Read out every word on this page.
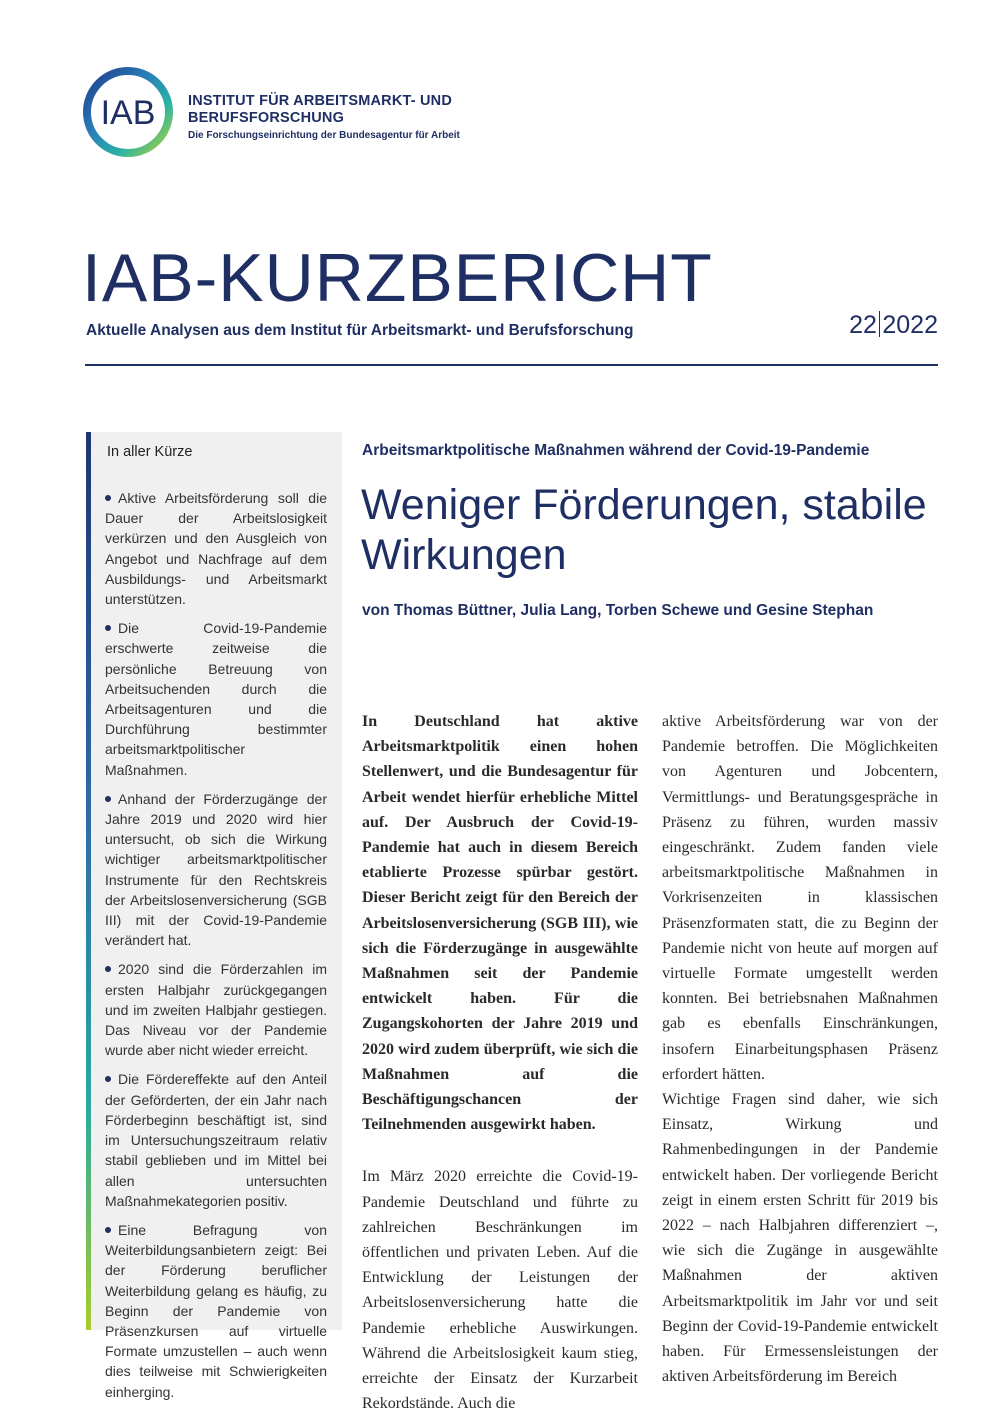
IAB INSTITUT FÜR ARBEITSMARKT- UND
BERUFSFORSCHUNG
Die Forschungseinrichtung der Bundesagentur für Arbeit
IAB-KURZBERICHT
Aktuelle Analysen aus dem Institut für Arbeitsmarkt- und Berufsforschung	22 2022
In aller Kürze
Aktive Arbeitsförderung soll die Dauer der Arbeitslosigkeit verkürzen und den Ausgleich von Angebot und Nachfrage auf dem Ausbildungs- und Arbeitsmarkt unterstützen.
Die Covid-19-Pandemie erschwerte zeitweise die persönliche Betreuung von Arbeitsuchenden durch die Arbeitsagenturen und die Durchführung bestimmter arbeitsmarktpolitischer Maßnahmen.
Anhand der Förderzugänge der Jahre 2019 und 2020 wird hier untersucht, ob sich die Wirkung wichtiger arbeitsmarktpolitischer Instrumente für den Rechtskreis der Arbeitslosenversicherung (SGB III) mit der Covid-19-Pandemie verändert hat.
2020 sind die Förderzahlen im ersten Halbjahr zurückgegangen und im zweiten Halbjahr gestiegen. Das Niveau vor der Pandemie wurde aber nicht wieder erreicht.
Die Fördereffekte auf den Anteil der Geförderten, der ein Jahr nach Förderbeginn beschäftigt ist, sind im Untersuchungszeitraum relativ stabil geblieben und im Mittel bei allen untersuchten Maßnahmekategorien positiv.
Eine Befragung von Weiterbildungsanbietern zeigt: Bei der Förderung beruflicher Weiterbildung gelang es häufig, zu Beginn der Pandemie von Präsenzkursen auf virtuelle Formate umzustellen – auch wenn dies teilweise mit Schwierigkeiten einherging.
Arbeitsmarktpolitische Maßnahmen während der Covid-19-Pandemie
Weniger Förderungen, stabile Wirkungen
von Thomas Büttner, Julia Lang, Torben Schewe und Gesine Stephan

In Deutschland hat aktive Arbeitsmarktpolitik einen hohen Stellenwert, und die Bundesagentur für Arbeit wendet hierfür erhebliche Mittel auf. Der Ausbruch der Covid-19-Pandemie hat auch in diesem Bereich etablierte Prozesse spürbar gestört. Dieser Bericht zeigt für den Bereich der Arbeitslosenversicherung (SGB III), wie sich die Förderzugänge in ausgewählte Maßnahmen seit der Pandemie entwickelt haben. Für die Zugangskohorten der Jahre 2019 und 2020 wird zudem überprüft, wie sich die Maßnahmen auf die Beschäftigungschancen der Teilnehmenden ausgewirkt haben.

Im März 2020 erreichte die Covid-19-Pandemie Deutschland und führte zu zahlreichen Beschränkungen im öffentlichen und privaten Leben. Auf die Entwicklung der Leistungen der Arbeitslosenversicherung hatte die Pandemie erhebliche Auswirkungen. Während die Arbeitslosigkeit kaum stieg, erreichte der Einsatz der Kurzarbeit Rekordstände. Auch die

aktive Arbeitsförderung war von der Pandemie betroffen. Die Möglichkeiten von Agenturen und Jobcentern, Vermittlungs- und Beratungsgespräche in Präsenz zu führen, wurden massiv eingeschränkt. Zudem fanden viele arbeitsmarktpolitische Maßnahmen in Vorkrisenzeiten in klassischen Präsenzformaten statt, die zu Beginn der Pandemie nicht von heute auf morgen auf virtuelle Formate umgestellt werden konnten. Bei betriebsnahen Maßnahmen gab es ebenfalls Einschränkungen, insofern Einarbeitungsphasen Präsenz erfordert hätten.

Wichtige Fragen sind daher, wie sich Einsatz, Wirkung und Rahmenbedingungen in der Pandemie entwickelt haben. Der vorliegende Bericht zeigt in einem ersten Schritt für 2019 bis 2022 – nach Halbjahren differenziert –, wie sich die Zugänge in ausgewählte Maßnahmen der aktiven Arbeitsmarktpolitik im Jahr vor und seit Beginn der Covid-19-Pandemie entwickelt haben. Für Ermessensleistungen der aktiven Arbeitsförderung im Bereich
